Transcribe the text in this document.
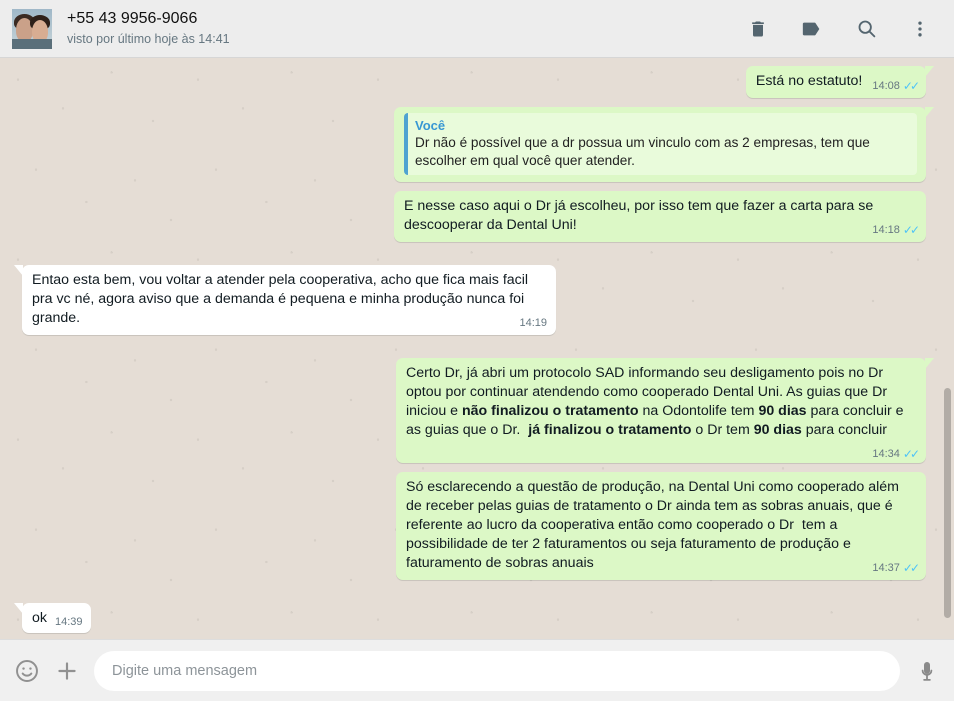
+55 43 9956-9066
visto por último hoje às 14:41
Está no estatuto! 14:08 ✓✓
Você
Dr não é possível que a dr possua um vinculo com as 2 empresas, tem que escolher em qual você quer atender.
E nesse caso aqui o Dr já escolheu, por isso tem que fazer a carta para se descooperar da Dental Uni!	14:18 ✓✓
Entao esta bem, vou voltar a atender pela cooperativa, acho que fica mais facil pra vc né, agora aviso que a demanda é pequena e minha produção nunca foi grande.	14:19
Certo Dr, já abri um protocolo SAD informando seu desligamento pois no Dr optou por continuar atendendo como cooperado Dental Uni. As guias que Dr iniciou e não finalizou o tratamento na Odontolife tem 90 dias para concluir e as guias que o Dr.  já finalizou o tratamento o Dr tem 90 dias para concluir
14:34 ✓✓
Só esclarecendo a questão de produção, na Dental Uni como cooperado além de receber pelas guias de tratamento o Dr ainda tem as sobras anuais, que é referente ao lucro da cooperativa então como cooperado o Dr  tem a possibilidade de ter 2 faturamentos ou seja faturamento de produção e faturamento de sobras anuais	14:37 ✓✓
ok 14:39
Digite uma mensagem
